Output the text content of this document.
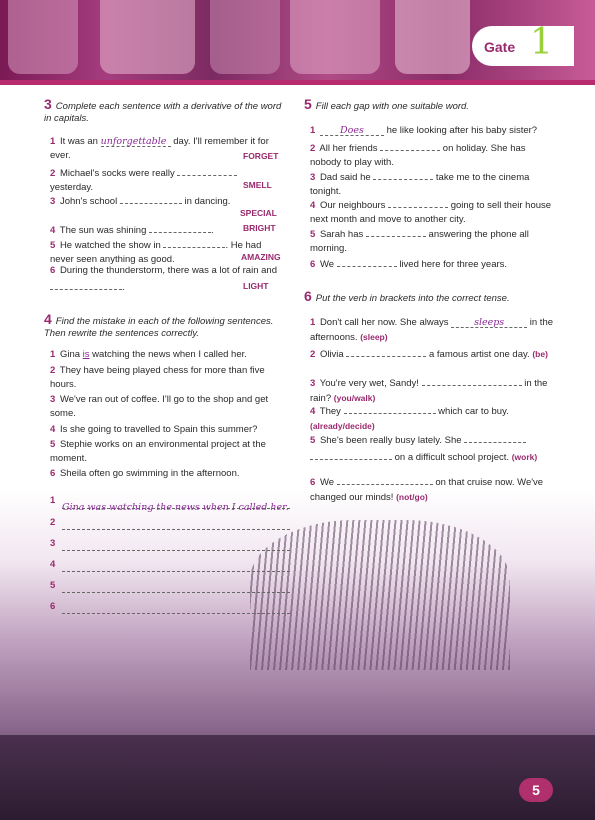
Gate 1
5
3 Complete each sentence with a derivative of the word in capitals.
1 It was an unforgettable day. I'll remember it for ever.	FORGET
2 Michael's socks were really
yesterday.	SMELL
3 John's school	in dancing.
SPECIAL
4 The sun was shining	.	BRIGHT
5 He watched the show in	. He had never seen anything as good.	AMAZING
6 During the thunderstorm, there was a lot of rain and .	LIGHT
4 Find the mistake in each of the following sentences. Then rewrite the sentences correctly.
1 Gina is watching the news when I called her.
2 They have being played chess for more than five hours.
3 We've ran out of coffee. I'll go to the shop and get some.
4 Is she going to travelled to Spain this summer?
5 Stephie works on an environmental project at the moment.
6 Sheila often go swimming in the afternoon.
1
Gina was watching the news when I called her.
2
3
4
5
6
5 Fill each gap with one suitable word.
1	Does he like looking after his baby sister?
2 All her friends	on holiday. She has nobody to play with.
3 Dad said he	take me to the cinema tonight.
4 Our neighbours	going to sell their house next month and move to another city.
5 Sarah has	answering the phone all morning.
6 We	lived here for three years.
6 Put the verb in brackets into the correct tense.
1 Don't call her now. She always	sleeps	in the afternoons. (sleep)
2 Olivia	a famous artist one day. (be)
3 You're very wet, Sandy!	in the rain? (you/walk)
4 They	which car to buy. (already/decide)
5 She's been really busy lately. She   on a difficult school project. (work)
6 We	on that cruise now. We've changed our minds! (not/go)
